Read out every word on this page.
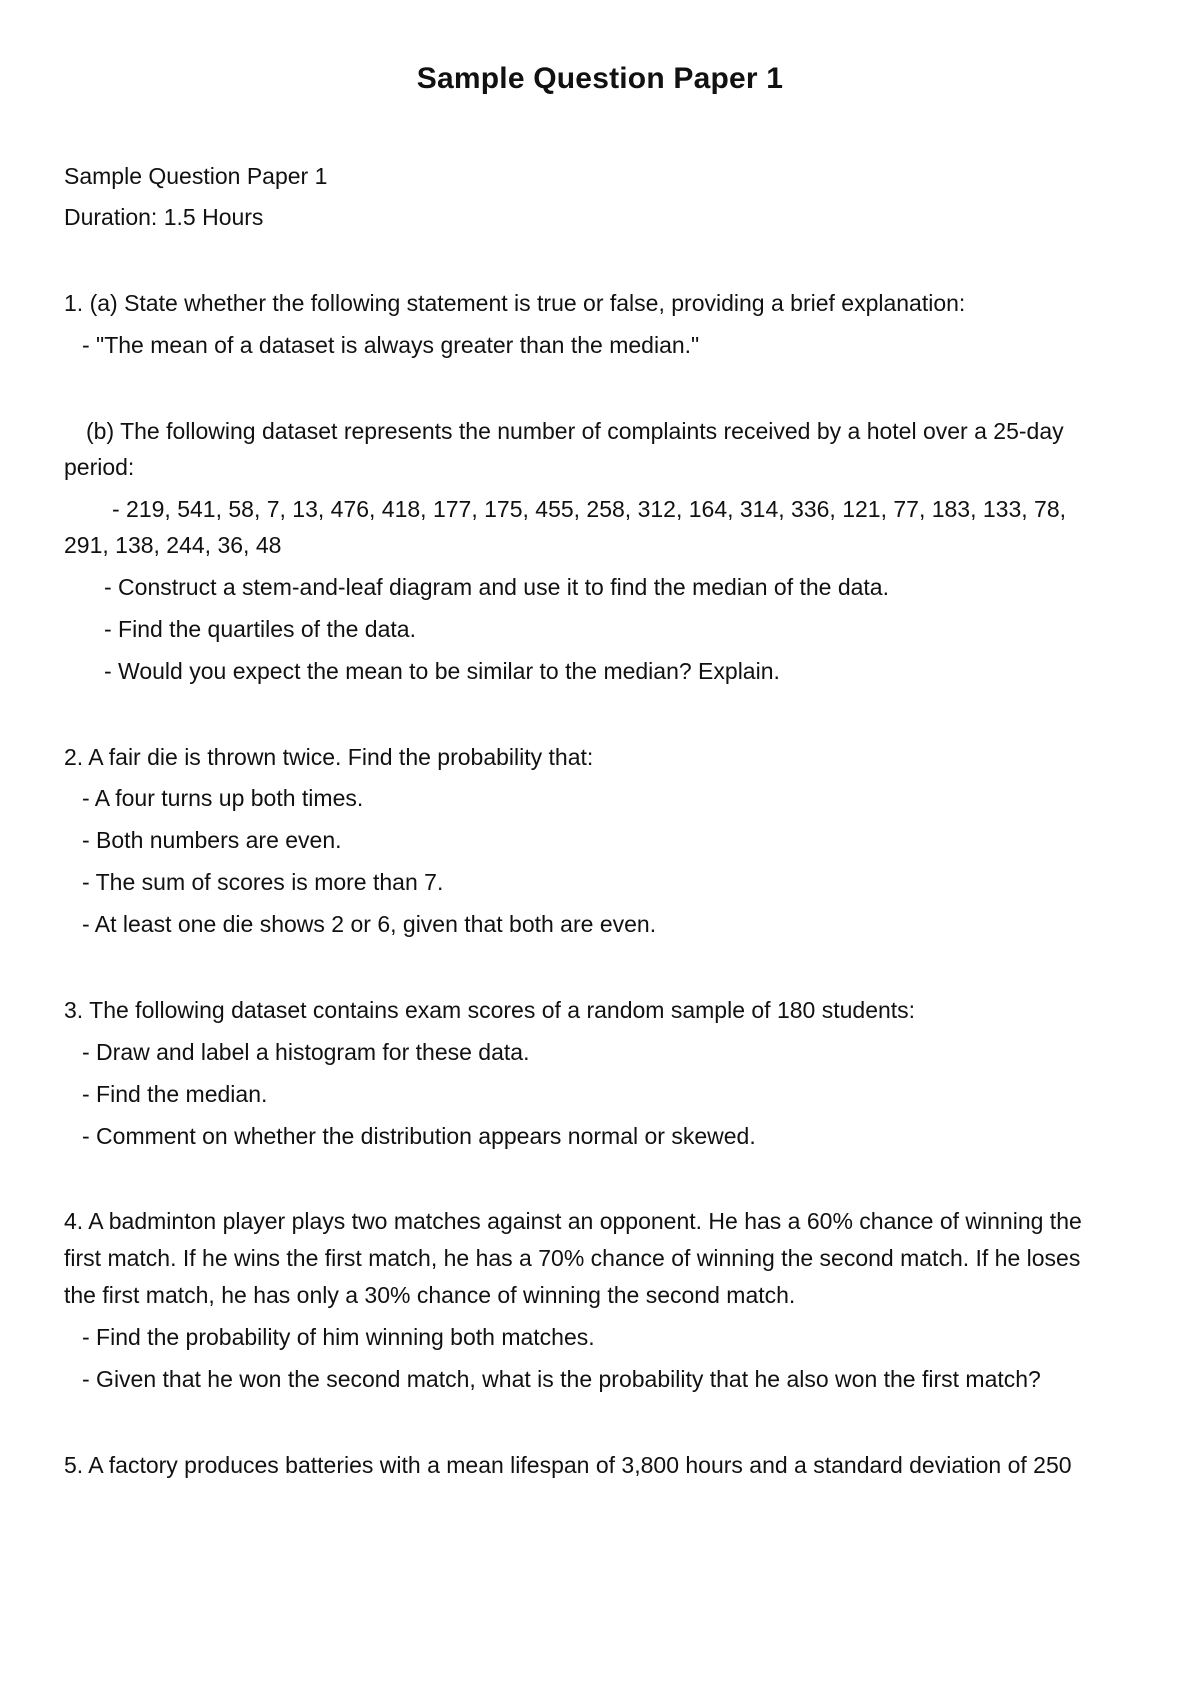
Sample Question Paper 1

Sample Question Paper 1

Duration: 1.5 Hours

1. (a) State whether the following statement is true or false, providing a brief explanation:

- "The mean of a dataset is always greater than the median."

(b) The following dataset represents the number of complaints received by a hotel over a 25-day

period:

- 219, 541, 58, 7, 13, 476, 418, 177, 175, 455, 258, 312, 164, 314, 336, 121, 77, 183, 133, 78,

291, 138, 244, 36, 48

- Construct a stem-and-leaf diagram and use it to find the median of the data.

- Find the quartiles of the data.

- Would you expect the mean to be similar to the median? Explain.

2. A fair die is thrown twice. Find the probability that:

- A four turns up both times.

- Both numbers are even.

- The sum of scores is more than 7.

- At least one die shows 2 or 6, given that both are even.

3. The following dataset contains exam scores of a random sample of 180 students:

- Draw and label a histogram for these data.

- Find the median.

- Comment on whether the distribution appears normal or skewed.

4. A badminton player plays two matches against an opponent. He has a 60% chance of winning the

first match. If he wins the first match, he has a 70% chance of winning the second match. If he loses

the first match, he has only a 30% chance of winning the second match.

- Find the probability of him winning both matches.

- Given that he won the second match, what is the probability that he also won the first match?

5. A factory produces batteries with a mean lifespan of 3,800 hours and a standard deviation of 250
